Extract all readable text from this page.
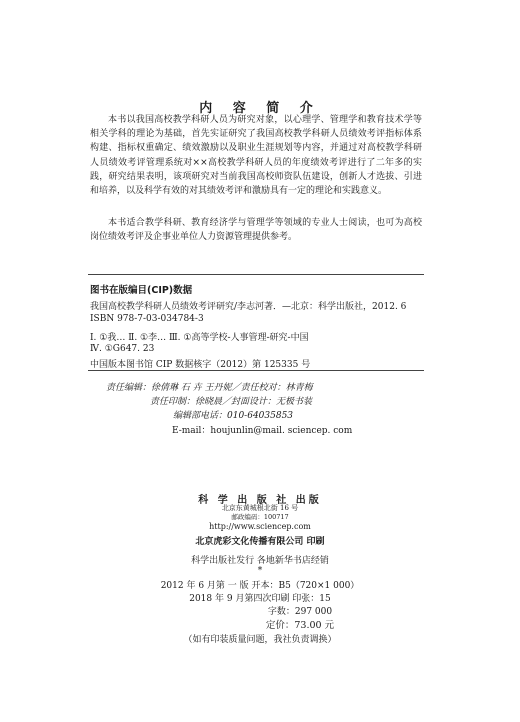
内 容 简 介

本书以我国高校教学科研人员为研究对象，以心理学、管理学和教育技术学等相关学科的理论为基础，首先实证研究了我国高校教学科研人员绩效考评指标体系构建、指标权重确定、绩效激励以及职业生涯规划等内容，并通过对高校教学科研人员绩效考评管理系统对××高校教学科研人员的年度绩效考评进行了二年多的实践，研究结果表明，该项研究对当前我国高校师资队伍建设，创新人才选拔、引进和培养，以及科学有效的对其绩效考评和激励具有一定的理论和实践意义。

本书适合教学科研、教育经济学与管理学等领域的专业人士阅读，也可为高校岗位绩效考评及企事业单位人力资源管理提供参考。

图书在版编目(CIP)数据
我国高校教学科研人员绩效考评研究/李志河著．—北京：科学出版社，2012. 6
ISBN 978-7-03-034784-3
Ⅰ. ①我… Ⅱ. ①李… Ⅲ. ①高等学校-人事管理-研究-中国
Ⅳ. ①G647. 23
中国版本图书馆 CIP 数据核字（2012）第 125335 号
责任编辑：徐倩琳 石 卉 王丹妮／责任校对：林青梅
责任印制：徐晓晨／封面设计：无极书装
编辑部电话：010-64035853
E-mail：houjunlin@mail. sciencep. com
科 学 出 版 社 出版
北京东黄城根北街 16 号
邮政编码：100717
http://www.sciencep.com
北京虎彩文化传播有限公司 印刷
科学出版社发行 各地新华书店经销
*
2012 年 6 月第 一 版 开本：B5（720×1 000）
2018 年 9 月第四次印刷 印张：15
字数：297 000
定价：73.00 元
（如有印装质量问题，我社负责调换）
